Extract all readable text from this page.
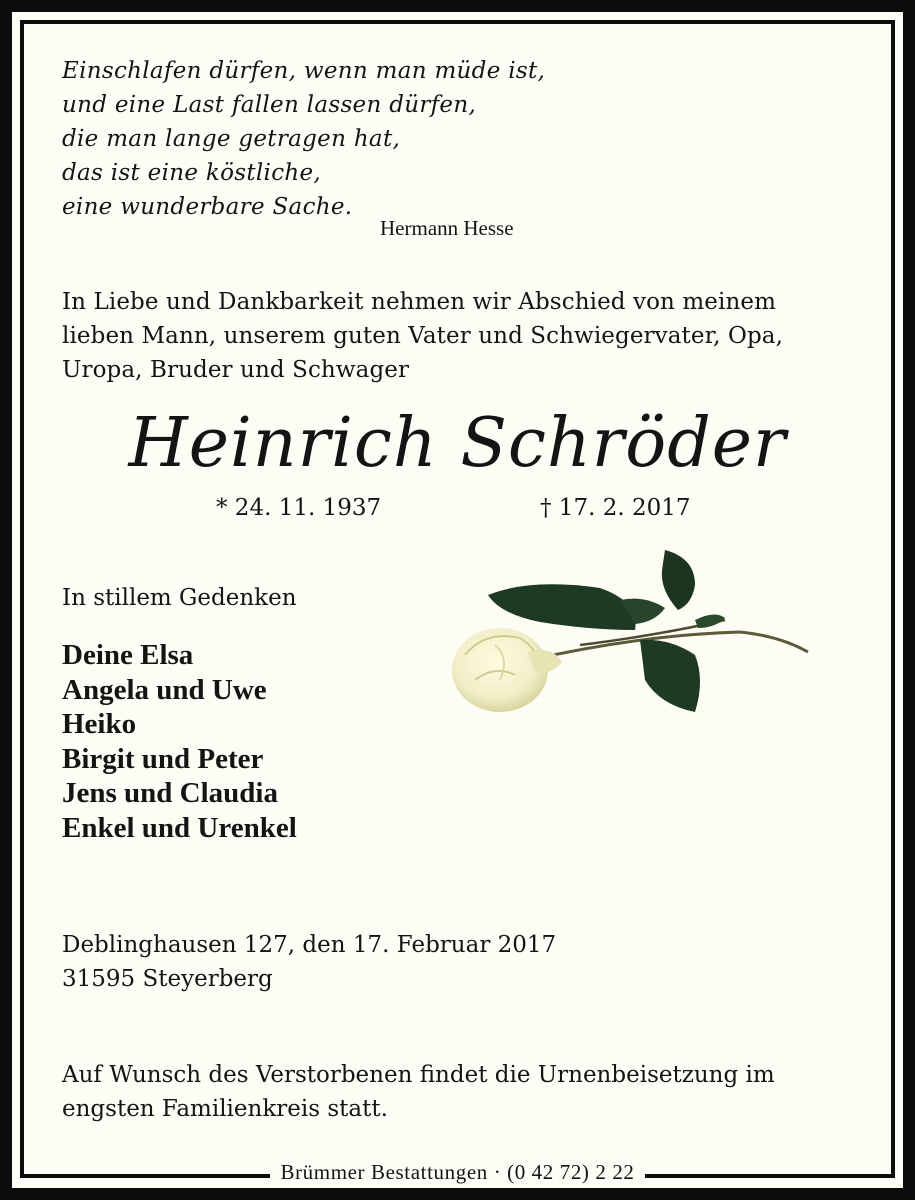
Einschlafen dürfen, wenn man müde ist,
und eine Last fallen lassen dürfen,
die man lange getragen hat,
das ist eine köstliche,
eine wunderbare Sache.
Hermann Hesse
In Liebe und Dankbarkeit nehmen wir Abschied von meinem
lieben Mann, unserem guten Vater und Schwiegervater, Opa,
Uropa, Bruder und Schwager
Heinrich Schröder
* 24. 11. 1937	† 17. 2. 2017
In stillem Gedenken
Deine Elsa
Angela und Uwe
Heiko
Birgit und Peter
Jens und Claudia
Enkel und Urenkel
Deblinghausen 127, den 17. Februar 2017
31595 Steyerberg
Auf Wunsch des Verstorbenen findet die Urnenbeisetzung im
engsten Familienkreis statt.
Brümmer Bestattungen · (0 42 72) 2 22
